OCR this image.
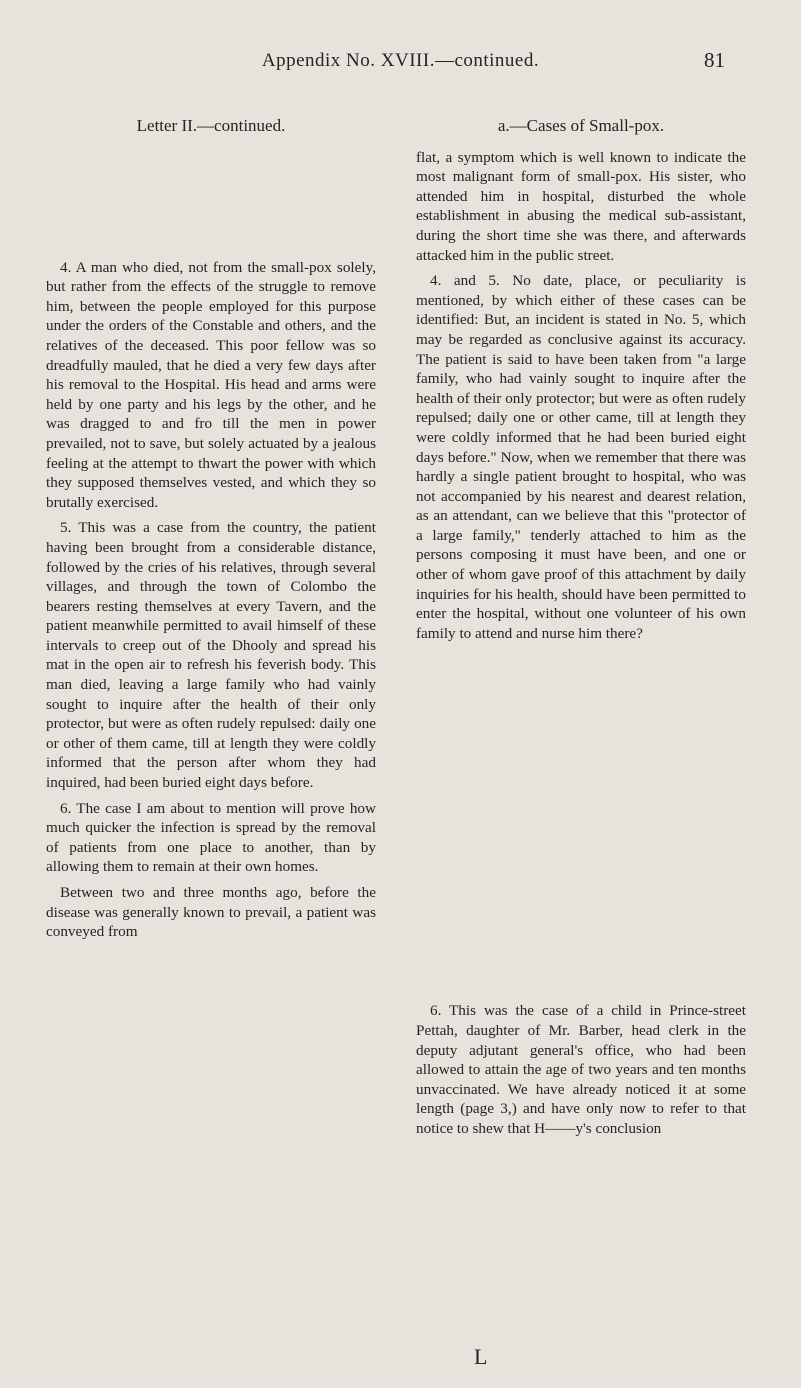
Appendix No. XVIII.—continued.	81
Letter II.—continued.

4. A man who died, not from the small-pox solely, but rather from the effects of the struggle to remove him, between the people employed for this purpose under the orders of the Constable and others, and the relatives of the deceased. This poor fellow was so dreadfully mauled, that he died a very few days after his removal to the Hospital. His head and arms were held by one party and his legs by the other, and he was dragged to and fro till the men in power prevailed, not to save, but solely actuated by a jealous feeling at the attempt to thwart the power with which they supposed themselves vested, and which they so brutally exercised.

5. This was a case from the country, the patient having been brought from a considerable distance, followed by the cries of his relatives, through several villages, and through the town of Colombo the bearers resting themselves at every Tavern, and the patient meanwhile permitted to avail himself of these intervals to creep out of the Dhooly and spread his mat in the open air to refresh his feverish body. This man died, leaving a large family who had vainly sought to inquire after the health of their only protector, but were as often rudely repulsed: daily one or other of them came, till at length they were coldly informed that the person after whom they had inquired, had been buried eight days before.

6. The case I am about to mention will prove how much quicker the infection is spread by the removal of patients from one place to another, than by allowing them to remain at their own homes.

Between two and three months ago, before the disease was generally known to prevail, a patient was conveyed from

a.—Cases of Small-pox.

flat, a symptom which is well known to indicate the most malignant form of small-pox. His sister, who attended him in hospital, disturbed the whole establishment in abusing the medical sub-assistant, during the short time she was there, and afterwards attacked him in the public street.

4. and 5. No date, place, or peculiarity is mentioned, by which either of these cases can be identified: But, an incident is stated in No. 5, which may be regarded as conclusive against its accuracy. The patient is said to have been taken from "a large family, who had vainly sought to inquire after the health of their only protector; but were as often rudely repulsed; daily one or other came, till at length they were coldly informed that he had been buried eight days before." Now, when we remember that there was hardly a single patient brought to hospital, who was not accompanied by his nearest and dearest relation, as an attendant, can we believe that this "protector of a large family," tenderly attached to him as the persons composing it must have been, and one or other of whom gave proof of this attachment by daily inquiries for his health, should have been permitted to enter the hospital, without one volunteer of his own family to attend and nurse him there?

6. This was the case of a child in Prince-street Pettah, daughter of Mr. Barber, head clerk in the deputy adjutant general's office, who had been allowed to attain the age of two years and ten months unvaccinated. We have already noticed it at some length (page 3,) and have only now to refer to that notice to shew that H——y's conclusion

L
